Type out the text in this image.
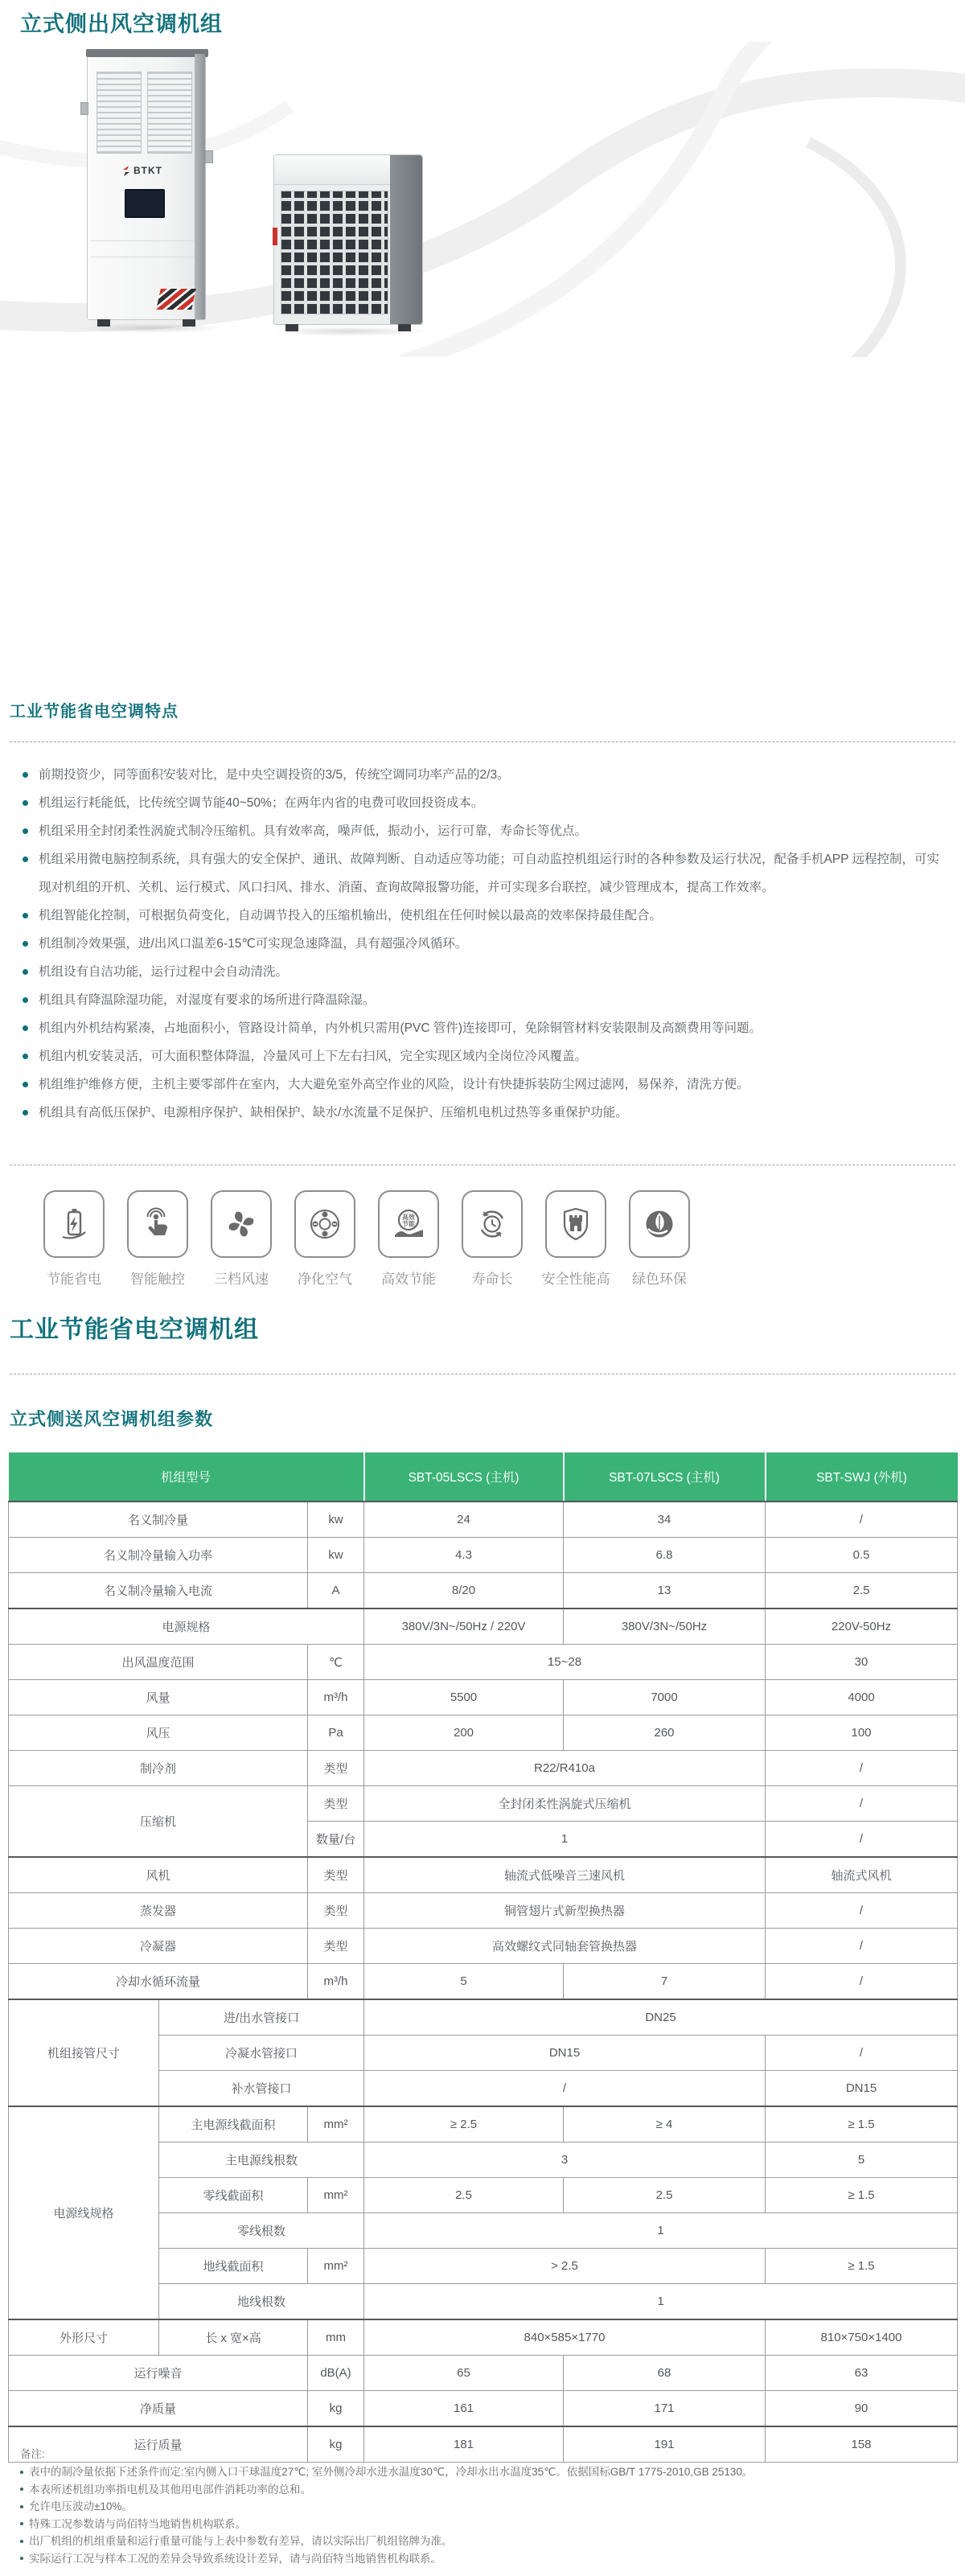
立式侧出风空调机组
BTKT
工业节能省电空调特点
前期投资少，同等面积安装对比，是中央空调投资的3/5，传统空调同功率产品的2/3。
机组运行耗能低，比传统空调节能40~50%；在两年内省的电费可收回投资成本。
机组采用全封闭柔性涡旋式制冷压缩机。具有效率高，噪声低，振动小，运行可靠，寿命长等优点。
机组采用微电脑控制系统，具有强大的安全保护、通讯、故障判断、自动适应等功能；可自动监控机组运行时的各种参数及运行状况，配备手机APP 远程控制，可实现对机组的开机、关机、运行模式、风口扫风、排水、消菌、查询故障报警功能，并可实现多台联控，减少管理成本，提高工作效率。
机组智能化控制，可根据负荷变化，自动调节投入的压缩机输出，使机组在任何时候以最高的效率保持最佳配合。
机组制冷效果强，进/出风口温差6-15℃可实现急速降温，具有超强冷风循环。
机组设有自洁功能，运行过程中会自动清洗。
机组具有降温除湿功能，对湿度有要求的场所进行降温除湿。
机组内外机结构紧凑，占地面积小，管路设计简单，内外机只需用(PVC 管件)连接即可，免除铜管材料安装限制及高额费用等问题。
机组内机安装灵活，可大面积整体降温，冷量风可上下左右扫风，完全实现区域内全岗位冷风覆盖。
机组维护维修方便，主机主要零部件在室内，大大避免室外高空作业的风险，设计有快捷拆装防尘网过滤网，易保养，清洗方便。
机组具有高低压保护、电源相序保护、缺相保护、缺水/水流量不足保护、压缩机电机过热等多重保护功能。
节能省电 智能触控 三档风速 净化空气
高效
节能
高效节能	寿命长 安全性能高 绿色环保
工业节能省电空调机组
立式侧送风空调机组参数
机组型号			SBT-05LSCS (主机)	SBT-07LSCS (主机)	SBT-SWJ (外机)
名义制冷量		kw	24	34	/
名义制冷量输入功率		kw	4.3	6.8	0.5
名义制冷量输入电流		A	8/20	13	2.5
电源规格			380V/3N~/50Hz / 220V	380V/3N~/50Hz	220V-50Hz
出风温度范围		℃	15~28		30
风量		m³/h	5500	7000	4000
风压		Pa	200	260	100
制冷剂		类型	R22/R410a		/
压缩机		类型	全封闭柔性涡旋式压缩机		/
		数量/台	1		/
风机		类型	轴流式低噪音三速风机		轴流式风机
蒸发器		类型	铜管翅片式新型换热器		/
冷凝器		类型	高效螺纹式同轴套管换热器		/
冷却水循环流量		m³/h	5	7	/
机组接管尺寸	进/出水管接口		DN25		
	冷凝水管接口		DN15		/
	补水管接口		/		DN15
电源线规格	主电源线截面积	mm²	≥ 2.5	≥ 4	≥ 1.5
	主电源线根数		3		5
	零线截面积	mm²	2.5	2.5	≥ 1.5
	零线根数		1		
	地线截面积	mm²	> 2.5		≥ 1.5
	地线根数		1		
外形尺寸	长 x 宽×高	mm	840×585×1770		810×750×1400
运行噪音		dB(A)	65	68	63
净质量		kg	161	171	90
运行质量		kg	181	191	158
备注:
表中的制冷量依据下述条件而定:室内侧入口干球温度27℃; 室外侧冷却水进水温度30℃，冷却水出水温度35℃。依据国标GB/T 1775-2010,GB 25130。
本表所述机组功率指电机及其他用电部件消耗功率的总和。
允许电压波动±10%。
特殊工况参数请与尚佰特当地销售机构联系。
出厂机组的机组重量和运行重量可能与上表中参数有差异，请以实际出厂机组铭牌为准。
实际运行工况与样本工况的差异会导致系统设计差异，请与尚佰特当地销售机构联系。
